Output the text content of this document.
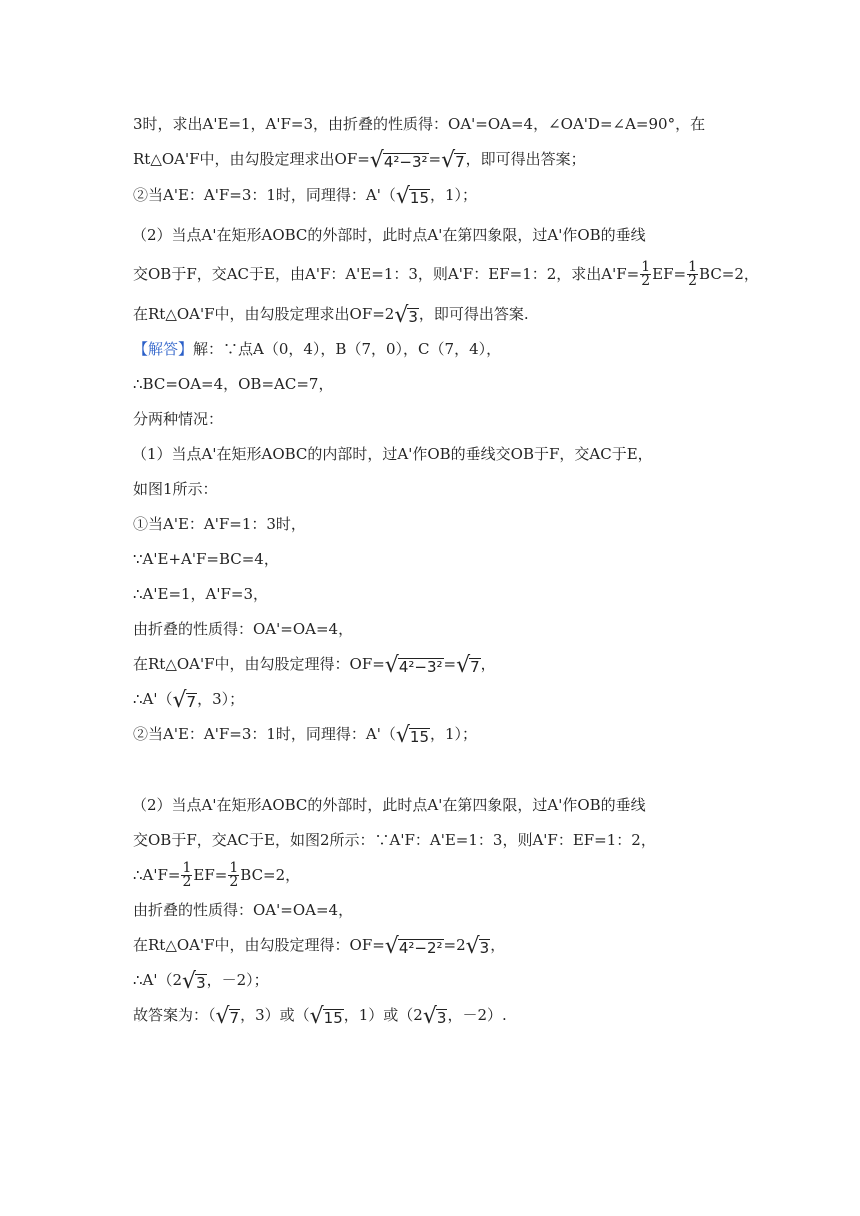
3时，求出A'E=1，A'F=3，由折叠的性质得：OA'=OA=4，∠OA'D=∠A=90°，在
Rt△OA'F中，由勾股定理求出OF=√4²−3²=√7，即可得出答案；
②当A'E：A'F=3：1时，同理得：A'（√15，1）；
（2）当点A'在矩形AOBC的外部时，此时点A'在第四象限，过A'作OB的垂线
交OB于F，交AC于E，由A'F：A'E=1：3，则A'F：EF=1：2，求出$A'F= \frac{1}{2} EF= \frac{1}{2} BC=2$，
在Rt△OA'F中，由勾股定理求出OF=2√3，即可得出答案.
【解答】解：∵点A（0，4），B（7，0），C（7，4），
∴BC=OA=4，OB=AC=7，
分两种情况：
（1）当点A'在矩形AOBC的内部时，过A'作OB的垂线交OB于F，交AC于E，
如图1所示：
①当A'E：A'F=1：3时，
∵A'E+A'F=BC=4，
∴A'E=1，A'F=3，
由折叠的性质得：OA'=OA=4，
在Rt△OA'F中，由勾股定理得：OF=√4²−3²=√7，
∴A'（√7，3）；
②当A'E：A'F=3：1时，同理得：A'（√15，1）；
（2）当点A'在矩形AOBC的外部时，此时点A'在第四象限，过A'作OB的垂线
交OB于F，交AC于E，如图2所示：∵A'F：A'E=1：3，则A'F：EF=1：2，
∴A'F= $\frac{1}{2} EF= \frac{1}{2} BC=2$，
由折叠的性质得：OA'=OA=4，
在Rt△OA'F中，由勾股定理得：OF=√4²−2²=2√3，
∴A'（2√3，－2）；
故答案为：（√7，3）或（√15，1）或（2√3，－2）.
